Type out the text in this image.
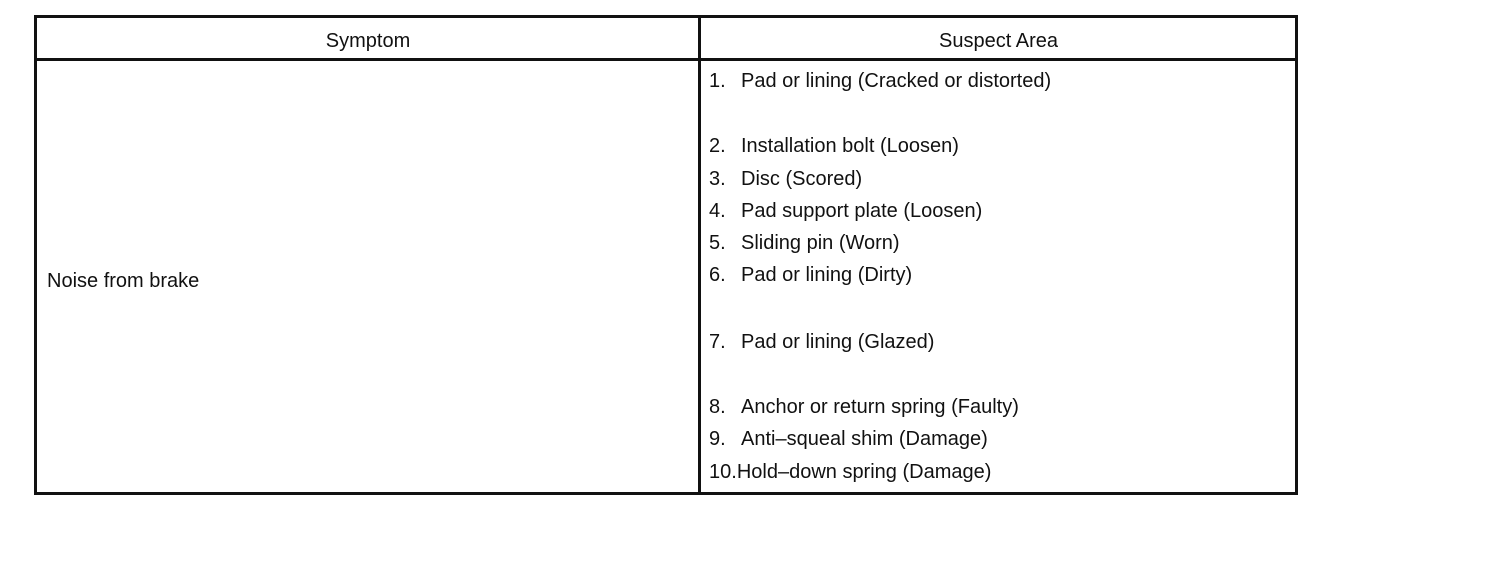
Symptom	Suspect Area
Noise from brake
1. Pad or lining (Cracked or distorted)
2. Installation bolt (Loosen)
3. Disc (Scored)
4. Pad support plate (Loosen)
5. Sliding pin (Worn)
6. Pad or lining (Dirty)
7. Pad or lining (Glazed)
8. Anchor or return spring (Faulty)
9. Anti–squeal shim (Damage)
10.Hold–down spring (Damage)
